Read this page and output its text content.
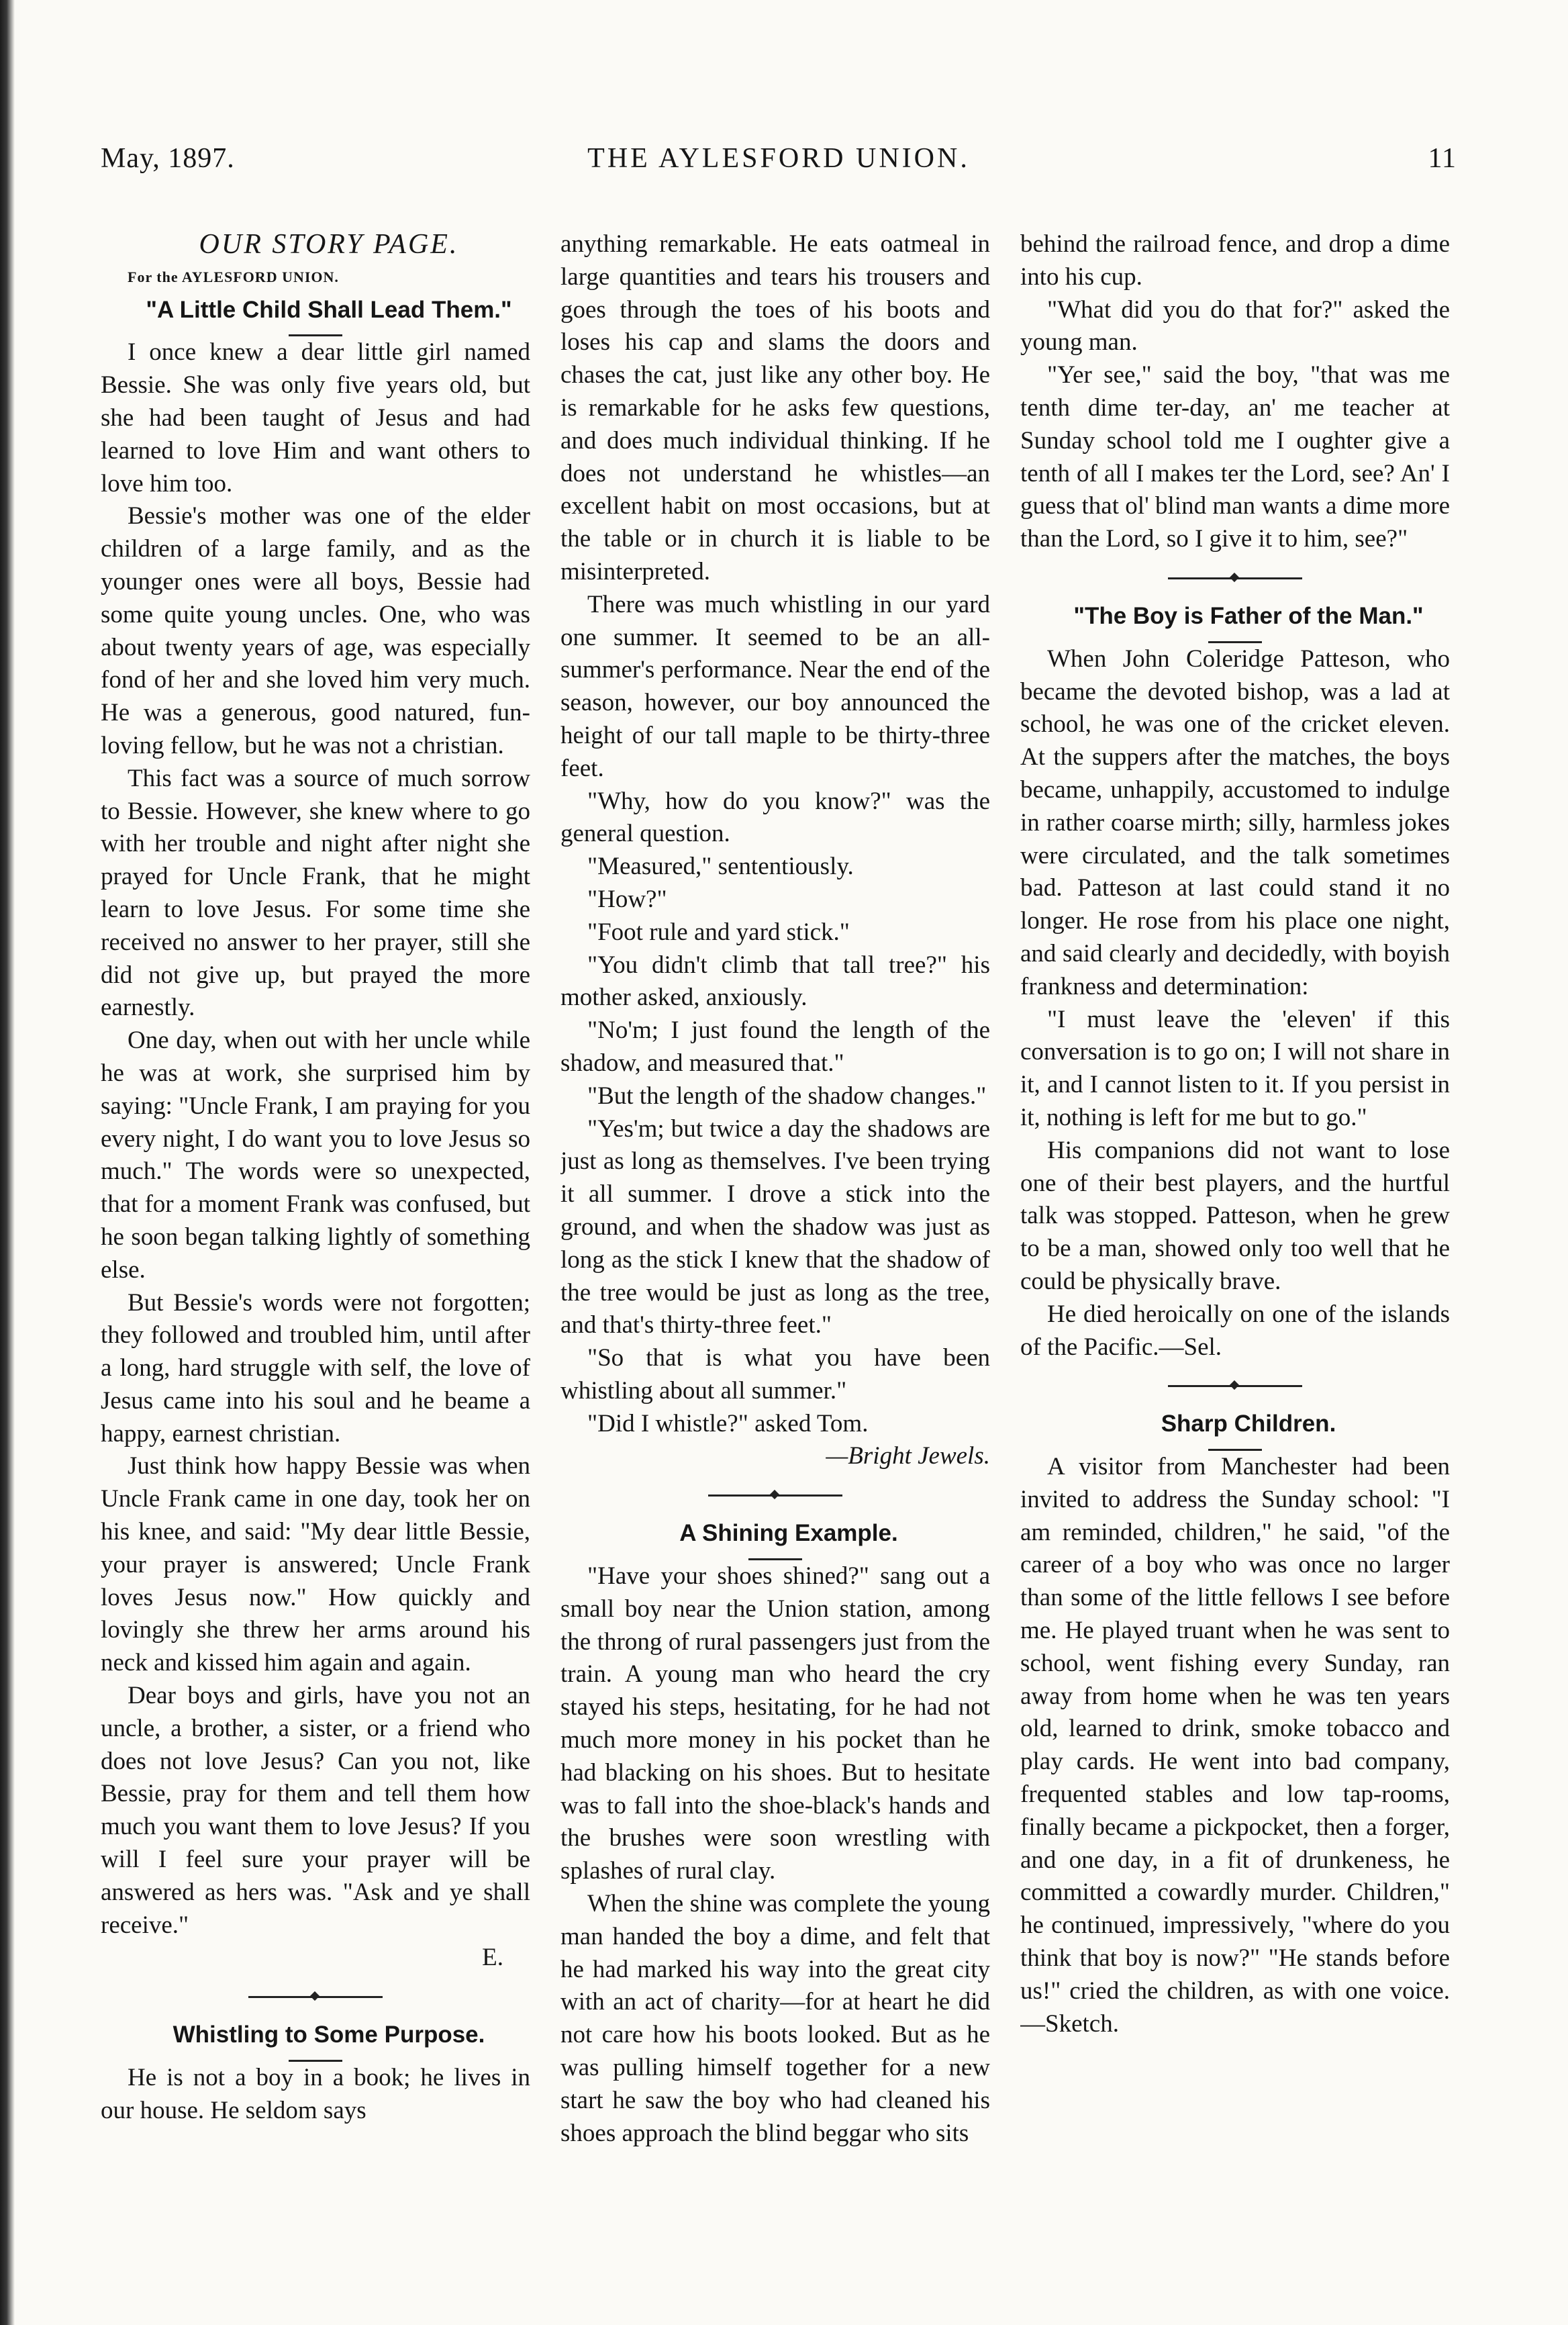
May, 1897.	THE AYLESFORD UNION.	11

OUR STORY PAGE.

For the AYLESFORD UNION.

"A Little Child Shall Lead Them."

I once knew a dear little girl named Bessie. She was only five years old, but she had been taught of Jesus and had learned to love Him and want others to love him too.

Bessie's mother was one of the elder children of a large family, and as the younger ones were all boys, Bessie had some quite young uncles. One, who was about twenty years of age, was especially fond of her and she loved him very much. He was a generous, good natured, fun-loving fellow, but he was not a christian.

This fact was a source of much sorrow to Bessie. However, she knew where to go with her trouble and night after night she prayed for Uncle Frank, that he might learn to love Jesus. For some time she received no answer to her prayer, still she did not give up, but prayed the more earnestly.

One day, when out with her uncle while he was at work, she surprised him by saying: "Uncle Frank, I am praying for you every night, I do want you to love Jesus so much." The words were so unexpected, that for a moment Frank was confused, but he soon began talking lightly of something else.

But Bessie's words were not forgotten; they followed and troubled him, until after a long, hard struggle with self, the love of Jesus came into his soul and he beame a happy, earnest christian.

Just think how happy Bessie was when Uncle Frank came in one day, took her on his knee, and said: "My dear little Bessie, your prayer is answered; Uncle Frank loves Jesus now." How quickly and lovingly she threw her arms around his neck and kissed him again and again.

Dear boys and girls, have you not an uncle, a brother, a sister, or a friend who does not love Jesus? Can you not, like Bessie, pray for them and tell them how much you want them to love Jesus? If you will I feel sure your prayer will be answered as hers was. "Ask and ye shall receive."

E.

Whistling to Some Purpose.

He is not a boy in a book; he lives in our house. He seldom says

anything remarkable. He eats oatmeal in large quantities and tears his trousers and goes through the toes of his boots and loses his cap and slams the doors and chases the cat, just like any other boy. He is remarkable for he asks few questions, and does much individual thinking. If he does not understand he whistles—an excellent habit on most occasions, but at the table or in church it is liable to be misinterpreted.

There was much whistling in our yard one summer. It seemed to be an all-summer's performance. Near the end of the season, however, our boy announced the height of our tall maple to be thirty-three feet.

"Why, how do you know?" was the general question.

"Measured," sententiously.

"How?"

"Foot rule and yard stick."

"You didn't climb that tall tree?" his mother asked, anxiously.

"No'm; I just found the length of the shadow, and measured that."

"But the length of the shadow changes."

"Yes'm; but twice a day the shadows are just as long as themselves. I've been trying it all summer. I drove a stick into the ground, and when the shadow was just as long as the stick I knew that the shadow of the tree would be just as long as the tree, and that's thirty-three feet."

"So that is what you have been whistling about all summer."

"Did I whistle?" asked Tom.

—Bright Jewels.

A Shining Example.

"Have your shoes shined?" sang out a small boy near the Union station, among the throng of rural passengers just from the train. A young man who heard the cry stayed his steps, hesitating, for he had not much more money in his pocket than he had blacking on his shoes. But to hesitate was to fall into the shoe-black's hands and the brushes were soon wrestling with splashes of rural clay.

When the shine was complete the young man handed the boy a dime, and felt that he had marked his way into the great city with an act of charity—for at heart he did not care how his boots looked. But as he was pulling himself together for a new start he saw the boy who had cleaned his shoes approach the blind beggar who sits

behind the railroad fence, and drop a dime into his cup.

"What did you do that for?" asked the young man.

"Yer see," said the boy, "that was me tenth dime ter-day, an' me teacher at Sunday school told me I oughter give a tenth of all I makes ter the Lord, see? An' I guess that ol' blind man wants a dime more than the Lord, so I give it to him, see?"

"The Boy is Father of the Man."

When John Coleridge Patteson, who became the devoted bishop, was a lad at school, he was one of the cricket eleven. At the suppers after the matches, the boys became, unhappily, accustomed to indulge in rather coarse mirth; silly, harmless jokes were circulated, and the talk sometimes bad. Patteson at last could stand it no longer. He rose from his place one night, and said clearly and decidedly, with boyish frankness and determination:

"I must leave the 'eleven' if this conversation is to go on; I will not share in it, and I cannot listen to it. If you persist in it, nothing is left for me but to go."

His companions did not want to lose one of their best players, and the hurtful talk was stopped. Patteson, when he grew to be a man, showed only too well that he could be physically brave.

He died heroically on one of the islands of the Pacific.—Sel.

Sharp Children.

A visitor from Manchester had been invited to address the Sunday school: "I am reminded, children," he said, "of the career of a boy who was once no larger than some of the little fellows I see before me. He played truant when he was sent to school, went fishing every Sunday, ran away from home when he was ten years old, learned to drink, smoke tobacco and play cards. He went into bad company, frequented stables and low tap-rooms, finally became a pickpocket, then a forger, and one day, in a fit of drunkeness, he committed a cowardly murder. Children," he continued, impressively, "where do you think that boy is now?" "He stands before us!" cried the children, as with one voice.—Sketch.
